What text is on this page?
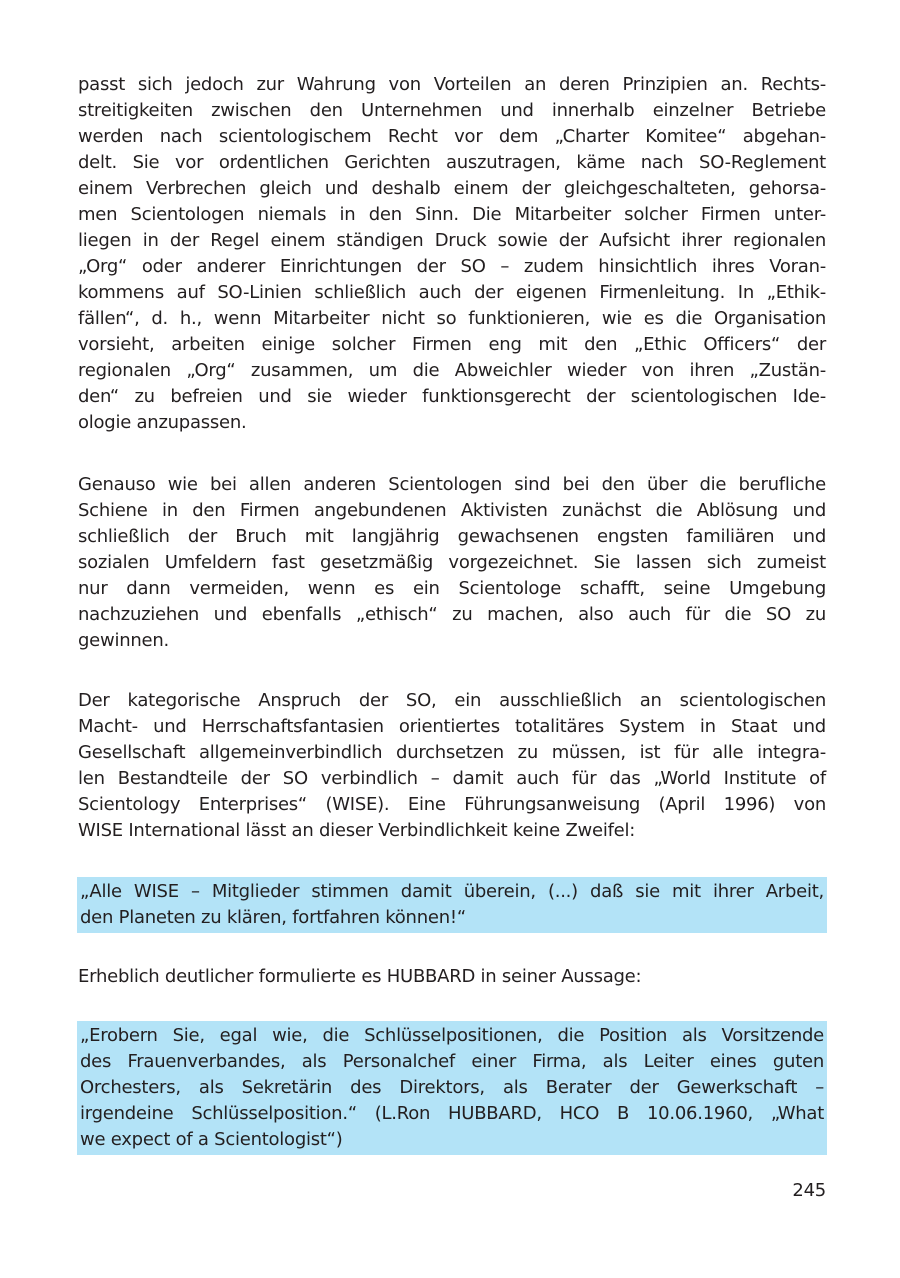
passt sich jedoch zur Wahrung von Vorteilen an deren Prinzipien an. Rechts-
streitigkeiten zwischen den Unternehmen und innerhalb einzelner Betriebe
werden nach scientologischem Recht vor dem „Charter Komitee“ abgehan-
delt. Sie vor ordentlichen Gerichten auszutragen, käme nach SO-Reglement
einem Verbrechen gleich und deshalb einem der gleichgeschalteten, gehorsa-
men Scientologen niemals in den Sinn. Die Mitarbeiter solcher Firmen unter-
liegen in der Regel einem ständigen Druck sowie der Aufsicht ihrer regionalen
„Org“ oder anderer Einrichtungen der SO – zudem hinsichtlich ihres Voran-
kommens auf SO-Linien schließlich auch der eigenen Firmenleitung. In „Ethik-
fällen“, d. h., wenn Mitarbeiter nicht so funktionieren, wie es die Organisation
vorsieht, arbeiten einige solcher Firmen eng mit den „Ethic Officers“ der
regionalen „Org“ zusammen, um die Abweichler wieder von ihren „Zustän-
den“ zu befreien und sie wieder funktionsgerecht der scientologischen Ide-
ologie anzupassen.
Genauso wie bei allen anderen Scientologen sind bei den über die berufliche
Schiene in den Firmen angebundenen Aktivisten zunächst die Ablösung und
schließlich der Bruch mit langjährig gewachsenen engsten familiären und
sozialen Umfeldern fast gesetzmäßig vorgezeichnet. Sie lassen sich zumeist
nur dann vermeiden, wenn es ein Scientologe schafft, seine Umgebung
nachzuziehen und ebenfalls „ethisch“ zu machen, also auch für die SO zu
gewinnen.
Der kategorische Anspruch der SO, ein ausschließlich an scientologischen
Macht- und Herrschaftsfantasien orientiertes totalitäres System in Staat und
Gesellschaft allgemeinverbindlich durchsetzen zu müssen, ist für alle integra-
len Bestandteile der SO verbindlich – damit auch für das „World Institute of
Scientology Enterprises“ (WISE). Eine Führungsanweisung (April 1996) von
WISE International lässt an dieser Verbindlichkeit keine Zweifel:
„Alle WISE – Mitglieder stimmen damit überein, (...) daß sie mit ihrer Arbeit,
den Planeten zu klären, fortfahren können!“
Erheblich deutlicher formulierte es HUBBARD in seiner Aussage:
„Erobern Sie, egal wie, die Schlüsselpositionen, die Position als Vorsitzende
des Frauenverbandes, als Personalchef einer Firma, als Leiter eines guten
Orchesters, als Sekretärin des Direktors, als Berater der Gewerkschaft –
irgendeine Schlüsselposition.“ (L.Ron HUBBARD, HCO B 10.06.1960, „What
we expect of a Scientologist“)
245
